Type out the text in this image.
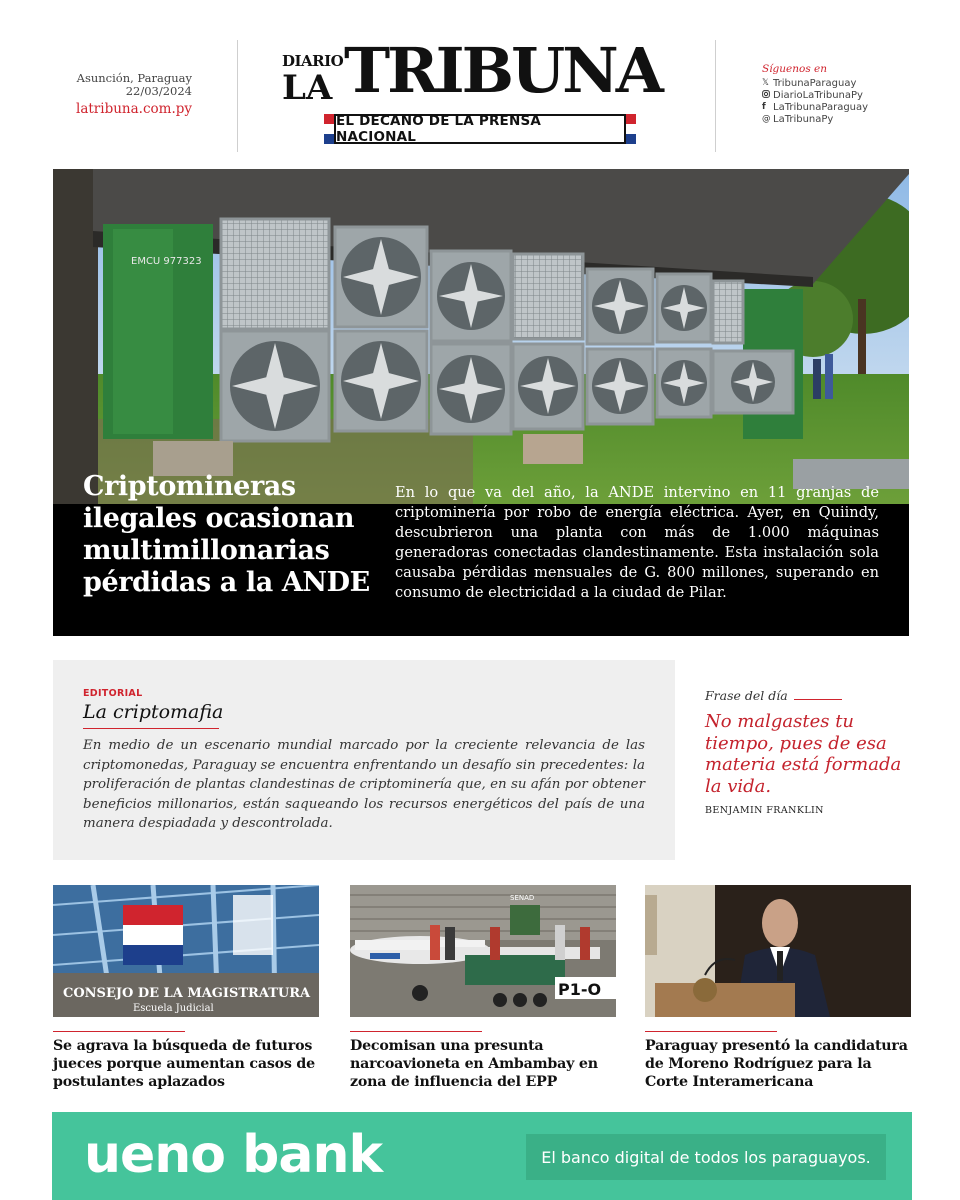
Asunción, Paraguay
22/03/2024
latribuna.com.py
DIARIO
LA TRIBUNA
EL DECANO DE LA PRENSA NACIONAL
Síguenos en
𝕏 TribunaParaguay
DiarioLaTribunaPy
f LaTribunaParaguay
@ LaTribunaPy
EMCU 977323
Criptomineras ilegales ocasionan multimillonarias pérdidas a la ANDE

En lo que va del año, la ANDE intervino en 11 granjas de criptominería por robo de energía eléctrica. Ayer, en Quiindy, descubrieron una planta con más de 1.000 máquinas generadoras conectadas clandestinamente. Esta instalación sola causaba pérdidas mensuales de G. 800 millones, superando en consumo de electricidad a la ciudad de Pilar.

EDITORIAL
La criptomafia

En medio de un escenario mundial marcado por la creciente relevancia de las criptomonedas, Paraguay se encuentra enfrentando un desafío sin precedentes: la proliferación de plantas clandestinas de criptominería que, en su afán por obtener beneficios millonarios, están saqueando los recursos energéticos del país de una manera despiadada y descontrolada.

Frase del día
No malgastes tu tiempo, pues de esa materia está formada la vida.
BENJAMIN FRANKLIN
CONSEJO DE LA MAGISTRATURA
Escuela Judicial
Se agrava la búsqueda de futuros jueces porque aumentan casos de postulantes aplazados
SENAD
P1-O
Decomisan una presunta narcoavioneta en Ambambay en zona de influencia del EPP
Paraguay presentó la candidatura de Moreno Rodríguez para la Corte Interamericana
ueno bank	El banco digital de todos los paraguayos.
